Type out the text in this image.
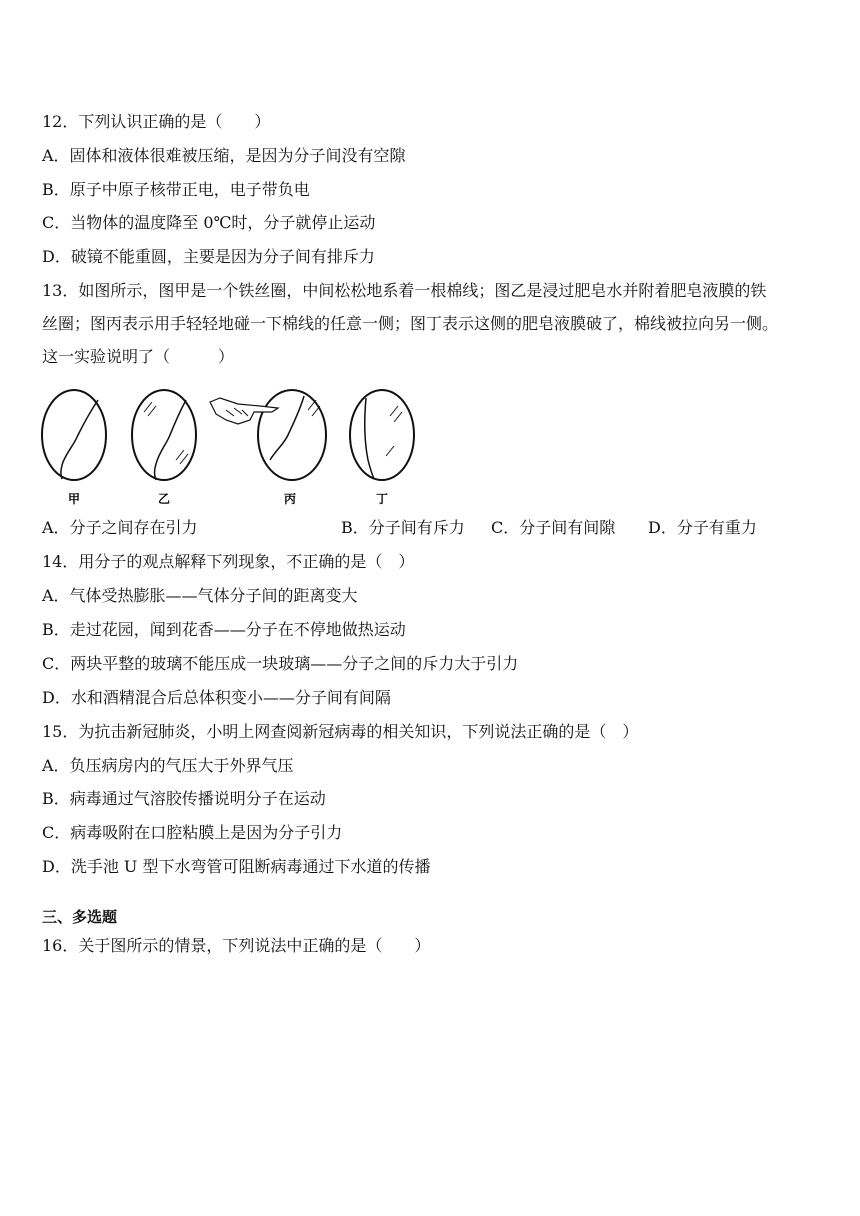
12．下列认识正确的是（　　）
A．固体和液体很难被压缩，是因为分子间没有空隙
B．原子中原子核带正电，电子带负电
C．当物体的温度降至 0℃时，分子就停止运动
D．破镜不能重圆，主要是因为分子间有排斥力
13．如图所示，图甲是一个铁丝圈，中间松松地系着一根棉线；图乙是浸过肥皂水并附着肥皂液膜的铁
丝圈；图丙表示用手轻轻地碰一下棉线的任意一侧；图丁表示这侧的肥皂液膜破了，棉线被拉向另一侧。
这一实验说明了（　　　）
甲	乙	丙	丁
A．分子之间存在引力	B．分子间有斥力 C．分子间有间隙 D．分子有重力
14．用分子的观点解释下列现象，不正确的是（　）
A．气体受热膨胀——气体分子间的距离变大
B．走过花园，闻到花香——分子在不停地做热运动
C．两块平整的玻璃不能压成一块玻璃——分子之间的斥力大于引力
D．水和酒精混合后总体积变小——分子间有间隔
15．为抗击新冠肺炎，小明上网查阅新冠病毒的相关知识，下列说法正确的是（　）
A．负压病房内的气压大于外界气压
B．病毒通过气溶胶传播说明分子在运动
C．病毒吸附在口腔粘膜上是因为分子引力
D．洗手池 U 型下水弯管可阻断病毒通过下水道的传播
三、多选题
16．关于图所示的情景，下列说法中正确的是（　　）
